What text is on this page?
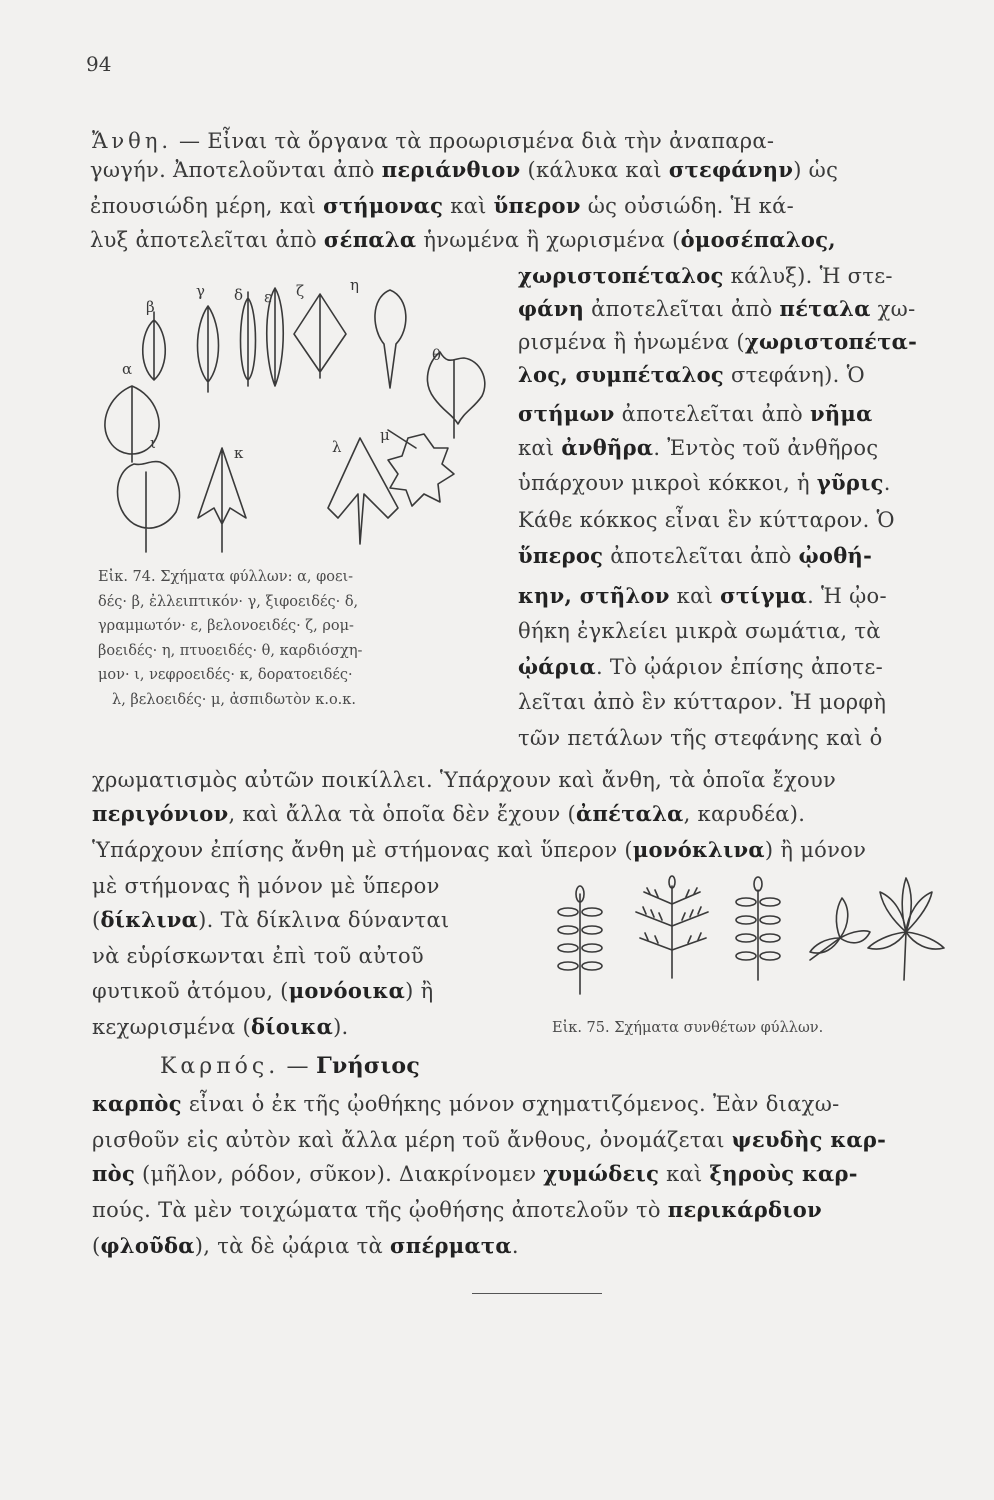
94
Ἄνθη. — Εἶναι τὰ ὄργανα τὰ προωρισμένα διὰ τὴν ἀναπαρα-
γωγήν. Ἀποτελοῦνται ἀπὸ περιάνθιον (κάλυκα καὶ στεφάνην) ὡς
ἐπουσιώδη μέρη, καὶ στήμονας καὶ ὕπερον ὡς οὐσιώδη. Ἡ κά-
λυξ ἀποτελεῖται ἀπὸ σέπαλα ἡνωμένα ἢ χωρισμένα (ὁμοσέπαλος,
χωριστοπέταλος κάλυξ). Ἡ στε-
φάνη ἀποτελεῖται ἀπὸ πέταλα χω-
ρισμένα ἢ ἡνωμένα (χωριστοπέτα-
λος, συμπέταλος στεφάνη). Ὁ
στήμων ἀποτελεῖται ἀπὸ νῆμα
καὶ ἀνθῆρα. Ἐντὸς τοῦ ἀνθῆρος
ὑπάρχουν μικροὶ κόκκοι, ἡ γῦρις.
Κάθε κόκκος εἶναι ἓν κύτταρον. Ὁ
ὕπερος ἀποτελεῖται ἀπὸ ᾠοθή-
κην, στῆλον καὶ στίγμα. Ἡ ᾠο-
θήκη ἐγκλείει μικρὰ σωμάτια, τὰ
ᾠάρια. Τὸ ᾠάριον ἐπίσης ἀποτε-
λεῖται ἀπὸ ἓν κύτταρον. Ἡ μορφὴ
τῶν πετάλων τῆς στεφάνης καὶ ὁ
α
β
γ δ ε ζ	η
θ
ι
κ	λ
μ
Εἰκ. 74. Σχήματα φύλλων: α, φοει-
δές· β, ἐλλειπτικόν· γ, ξιφοειδές· δ,
γραμμωτόν· ε, βελονοειδές· ζ, ρομ-
βοειδές· η, πτυοειδές· θ, καρδιόσχη-
μον· ι, νεφροειδές· κ, δορατοειδές·
λ, βελοειδές· μ, ἀσπιδωτὸν κ.ο.κ.
χρωματισμὸς αὐτῶν ποικίλλει. Ὑπάρχουν καὶ ἄνθη, τὰ ὁποῖα ἔχουν
περιγόνιον, καὶ ἄλλα τὰ ὁποῖα δὲν ἔχουν (ἀπέταλα, καρυδέα).
Ὑπάρχουν ἐπίσης ἄνθη μὲ στήμονας καὶ ὕπερον (μονόκλινα) ἢ μόνον
μὲ στήμονας ἢ μόνον μὲ ὕπερον
(δίκλινα). Τὰ δίκλινα δύνανται
νὰ εὑρίσκωνται ἐπὶ τοῦ αὐτοῦ
φυτικοῦ ἀτόμου, (μονόοικα) ἢ
κεχωρισμένα (δίοικα).	Εἰκ. 75. Σχήματα συνθέτων φύλλων.
Καρπός. — Γνήσιος
καρπὸς εἶναι ὁ ἐκ τῆς ᾠοθήκης μόνον σχηματιζόμενος. Ἐὰν διαχω-
ρισθοῦν εἰς αὐτὸν καὶ ἄλλα μέρη τοῦ ἄνθους, ὀνομάζεται ψευδὴς καρ-
πὸς (μῆλον, ρόδον, σῦκον). Διακρίνομεν χυμώδεις καὶ ξηροὺς καρ-
πούς. Τὰ μὲν τοιχώματα τῆς ᾠοθήσης ἀποτελοῦν τὸ περικάρδιον
(φλοῦδα), τὰ δὲ ᾠάρια τὰ σπέρματα.
